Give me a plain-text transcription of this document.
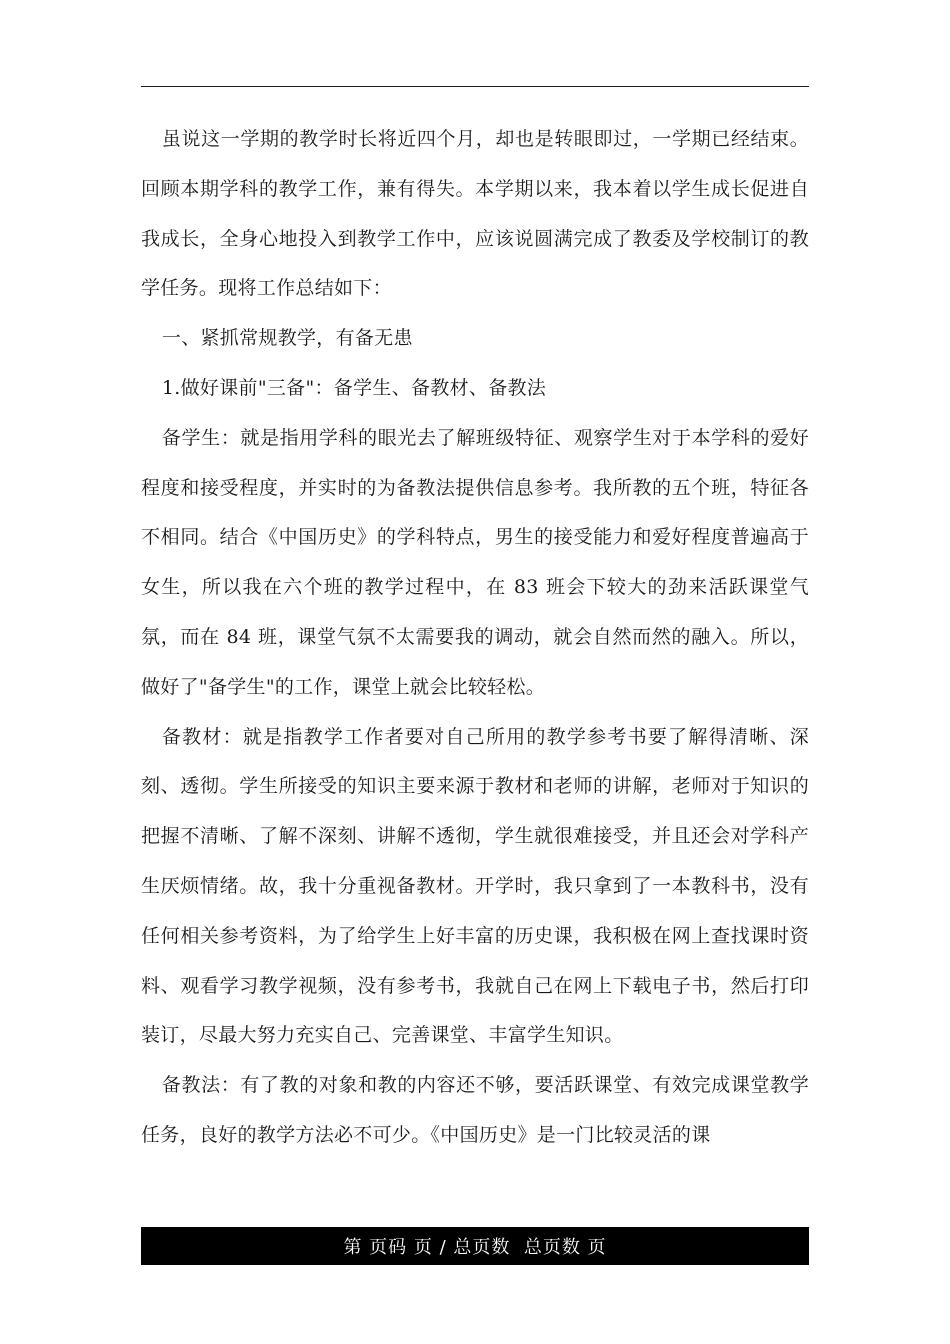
虽说这一学期的教学时长将近四个月，却也是转眼即过，一学期已经结束。回顾本期学科的教学工作，兼有得失。本学期以来，我本着以学生成长促进自我成长，全身心地投入到教学工作中，应该说圆满完成了教委及学校制订的教学任务。现将工作总结如下：

一、紧抓常规教学，有备无患

1.做好课前"三备"：备学生、备教材、备教法

备学生：就是指用学科的眼光去了解班级特征、观察学生对于本学科的爱好程度和接受程度，并实时的为备教法提供信息参考。我所教的五个班，特征各不相同。结合《中国历史》的学科特点，男生的接受能力和爱好程度普遍高于女生，所以我在六个班的教学过程中，在 83 班会下较大的劲来活跃课堂气氛，而在 84 班，课堂气氛不太需要我的调动，就会自然而然的融入。所以，做好了"备学生"的工作，课堂上就会比较轻松。

备教材：就是指教学工作者要对自己所用的教学参考书要了解得清晰、深刻、透彻。学生所接受的知识主要来源于教材和老师的讲解，老师对于知识的把握不清晰、了解不深刻、讲解不透彻，学生就很难接受，并且还会对学科产生厌烦情绪。故，我十分重视备教材。开学时，我只拿到了一本教科书，没有任何相关参考资料，为了给学生上好丰富的历史课，我积极在网上查找课时资料、观看学习教学视频，没有参考书，我就自己在网上下载电子书，然后打印装订，尽最大努力充实自己、完善课堂、丰富学生知识。

备教法：有了教的对象和教的内容还不够，要活跃课堂、有效完成课堂教学任务，良好的教学方法必不可少。《中国历史》是一门比较灵活的课

第 页码 页 / 总页数  总页数 页
